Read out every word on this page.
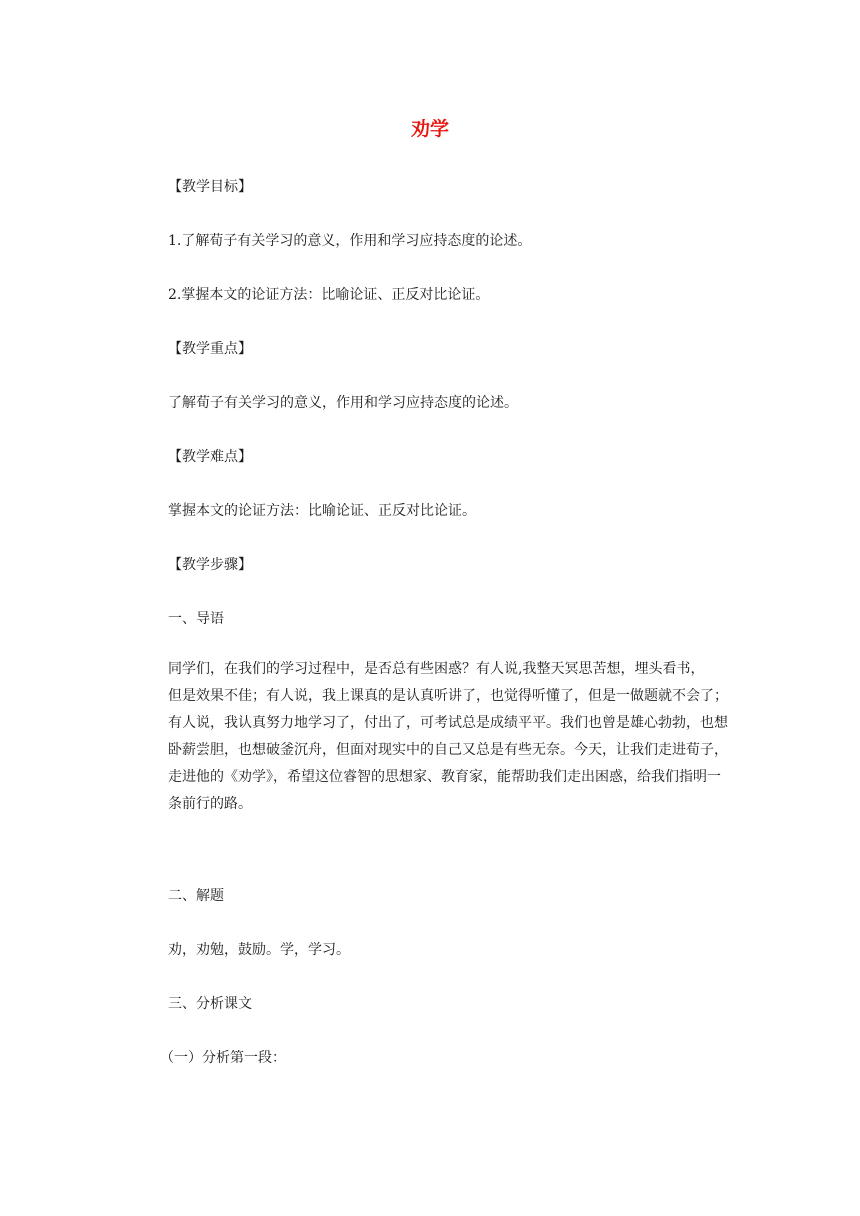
劝学
【教学目标】
1.了解荀子有关学习的意义，作用和学习应持态度的论述。
2.掌握本文的论证方法：比喻论证、正反对比论证。
【教学重点】
了解荀子有关学习的意义，作用和学习应持态度的论述。
【教学难点】
掌握本文的论证方法：比喻论证、正反对比论证。
【教学步骤】
一、导语
同学们，在我们的学习过程中，是否总有些困惑？有人说,我整天冥思苦想，埋头看书，
但是效果不佳；有人说，我上课真的是认真听讲了，也觉得听懂了，但是一做题就不会了；
有人说，我认真努力地学习了，付出了，可考试总是成绩平平。我们也曾是雄心勃勃，也想
卧薪尝胆，也想破釜沉舟，但面对现实中的自己又总是有些无奈。今天，让我们走进荀子，
走进他的《劝学》，希望这位睿智的思想家、教育家，能帮助我们走出困惑，给我们指明一
条前行的路。
二、解题
劝，劝勉，鼓励。学，学习。
三、分析课文
（一）分析第一段：
